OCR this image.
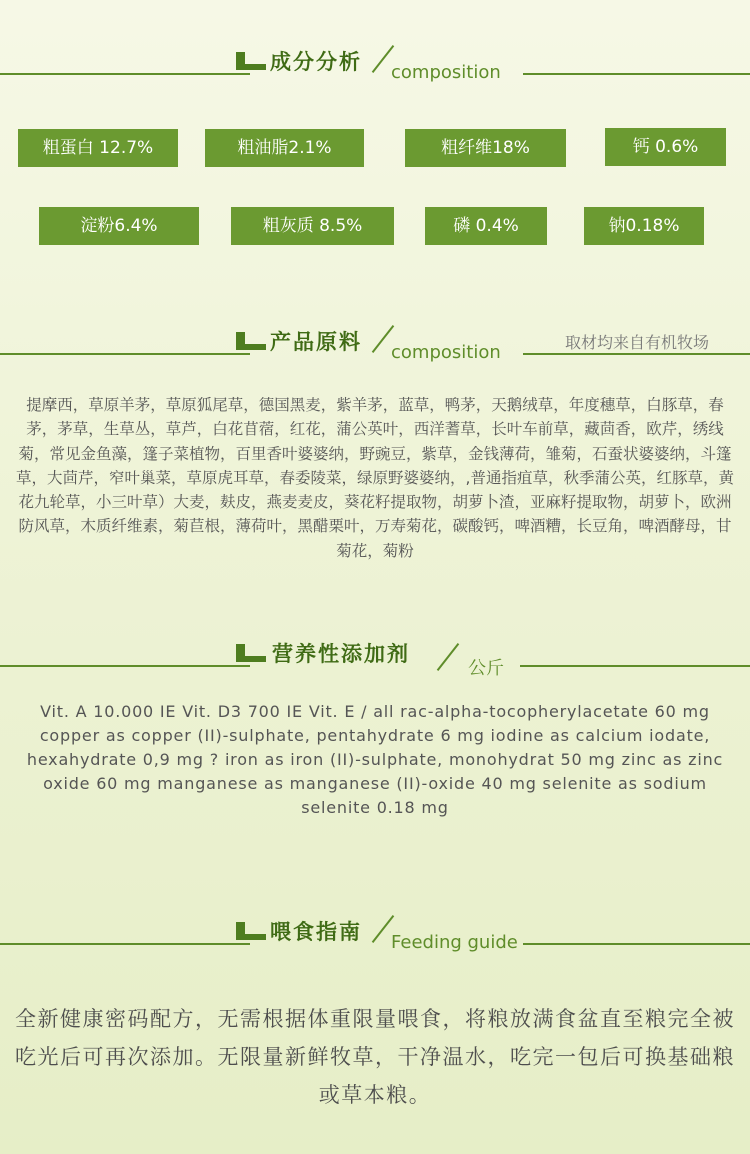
成分分析 composition
粗蛋白 12.7%	粗油脂2.1%	粗纤维18%	钙 0.6%
淀粉6.4%	粗灰质 8.5%	磷 0.4%	钠0.18%
产品原料 composition	取材均来自有机牧场
提摩西，草原羊茅，草原狐尾草，德国黑麦，紫羊茅，蓝草，鸭茅，天鹅绒草，年度穗草，白豚草，春茅，茅草，生草丛，草芦，白花苜蓿，红花，蒲公英叶，西洋蓍草，长叶车前草，藏茴香，欧芹，绣线菊，常见金鱼藻，篷子菜植物，百里香叶婆婆纳，野豌豆，紫草，金钱薄荷，雏菊，石蚕状婆婆纳，斗篷草，大茴芹，窄叶巢菜，草原虎耳草，春委陵菜，绿原野婆婆纳，,普通指疽草，秋季蒲公英，红豚草，黄花九轮草，小三叶草）大麦，麸皮，燕麦麦皮，葵花籽提取物，胡萝卜渣，亚麻籽提取物，胡萝卜，欧洲防风草，木质纤维素，菊苣根，薄荷叶，黑醋栗叶，万寿菊花，碳酸钙，啤酒糟，长豆角，啤酒酵母，甘菊花，菊粉
营养性添加剂
公斤
Vit. A 10.000 IE Vit. D3 700 IE Vit. E / all rac-alpha-tocopherylacetate 60 mg copper as copper (II)-sulphate, pentahydrate 6 mg iodine as calcium iodate, hexahydrate 0,9 mg ? iron as iron (II)-sulphate, monohydrat 50 mg zinc as zinc oxide 60 mg manganese as manganese (II)-oxide 40 mg selenite as sodium selenite 0.18 mg
喂食指南 Feeding guide
全新健康密码配方，无需根据体重限量喂食，将粮放满食盆直至粮完全被吃光后可再次添加。无限量新鲜牧草，干净温水，吃完一包后可换基础粮或草本粮。
